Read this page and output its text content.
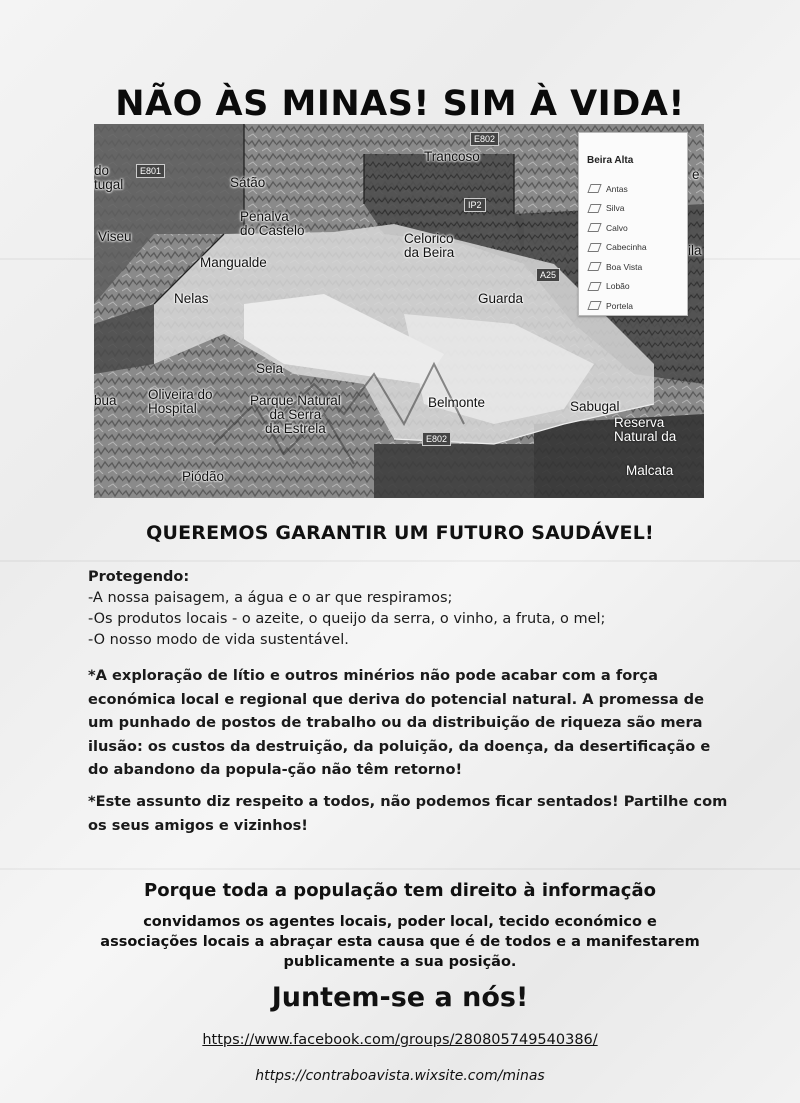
NÃO ÀS MINAS! SIM À VIDA!
Trancoso
Sátão
Penalva
do Castelo
Viseu
do
tugal
Mangualde
Celorico
da Beira
Guarda
Nelas
Seia
Oliveira do
Hospital
Parque Natural
da Serra
da Estrela
Belmonte	Sabugal
Reserva
Natural da
Malcata
bua
Piódão
ila
e
E801
IP2
A25
E802
E802
Beira Alta
Antas
Silva
Calvo
Cabecinha
Boa Vista
Lobão
Portela
QUEREMOS GARANTIR UM FUTURO SAUDÁVEL!

Protegendo:

-A nossa paisagem, a água e o ar que respiramos;

-Os produtos locais - o azeite, o queijo da serra, o vinho, a fruta, o mel;

-O nosso modo de vida sustentável.

*A exploração de lítio e outros minérios não pode acabar com a força económica local e regional que deriva do potencial natural. A promessa de um punhado de postos de trabalho ou da distribuição de riqueza são mera ilusão: os custos da destruição, da poluição, da doença, da desertificação e do abandono da popula-ção não têm retorno!

*Este assunto diz respeito a todos, não podemos ficar sentados! Partilhe com os seus amigos e vizinhos!

Porque toda a população tem direito à informação
convidamos os agentes locais, poder local, tecido económico e associações locais a abraçar esta causa que é de todos e a manifestarem publicamente a sua posição.
Juntem-se a nós!
https://www.facebook.com/groups/280805749540386/
https://contraboavista.wixsite.com/minas
